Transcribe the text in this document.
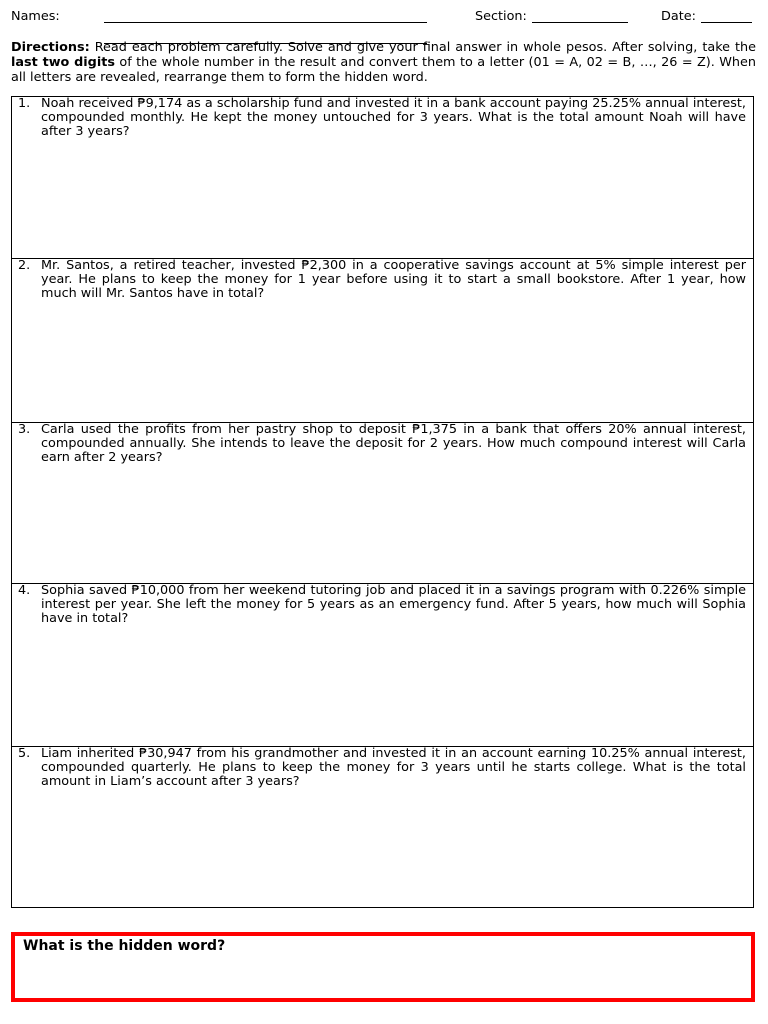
Names:	Section:	Date:

Directions: Read each problem carefully. Solve and give your final answer in whole pesos. After solving, take the last two digits of the whole number in the result and convert them to a letter (01 = A, 02 = B, …, 26 = Z). When all letters are revealed, rearrange them to form the hidden word.

1. Noah received ₱9,174 as a scholarship fund and invested it in a bank account paying 25.25% annual interest, compounded monthly. He kept the money untouched for 3 years. What is the total amount Noah will have after 3 years?

2. Mr. Santos, a retired teacher, invested ₱2,300 in a cooperative savings account at 5% simple interest per year. He plans to keep the money for 1 year before using it to start a small bookstore. After 1 year, how much will Mr. Santos have in total?

3. Carla used the profits from her pastry shop to deposit ₱1,375 in a bank that offers 20% annual interest, compounded annually. She intends to leave the deposit for 2 years. How much compound interest will Carla earn after 2 years?

4. Sophia saved ₱10,000 from her weekend tutoring job and placed it in a savings program with 0.226% simple interest per year. She left the money for 5 years as an emergency fund. After 5 years, how much will Sophia have in total?

5. Liam inherited ₱30,947 from his grandmother and invested it in an account earning 10.25% annual interest, compounded quarterly. He plans to keep the money for 3 years until he starts college. What is the total amount in Liam’s account after 3 years?

What is the hidden word?
